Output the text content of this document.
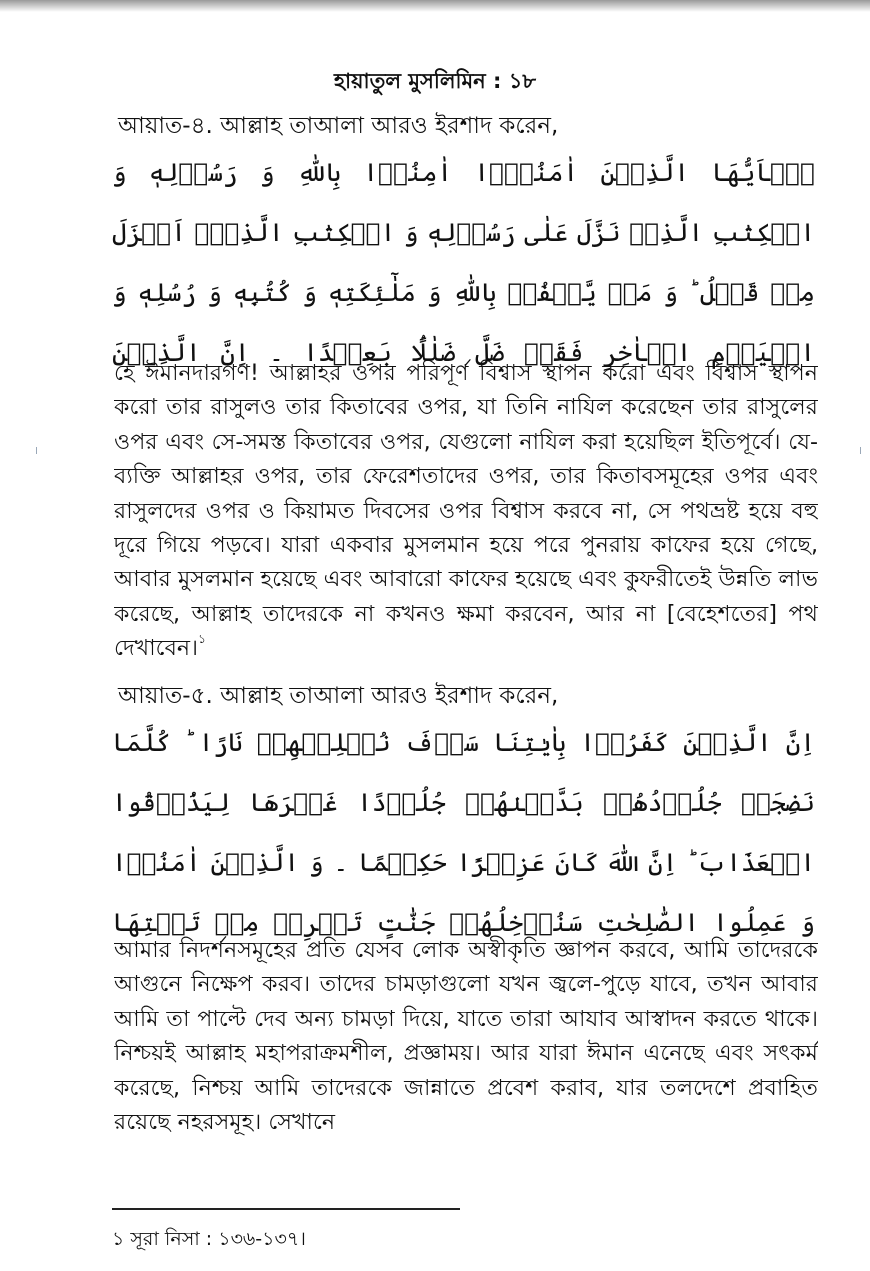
হায়াতুল মুসলিমিন : ১৮
আয়াত-৪. আল্লাহ তাআলা আরও ইরশাদ করেন,
يٰۤاَيُّهَا الَّذِيۡنَ اٰمَنُوۡۤا اٰمِنُوۡا بِاللّٰهِ وَ رَسُوۡلِهٖ وَ الۡكِتٰبِ الَّذِىۡ نَزَّلَ عَلٰى رَسُوۡلِهٖ وَ الۡكِتٰبِ الَّذِىۡۤ اَنۡزَلَ مِنۡ قَبۡلُ ؕ وَ مَنۡ يَّكۡفُرۡ بِاللّٰهِ وَ مَلٰٓئِكَتِهٖ وَ كُتُبِهٖ وَ رُسُلِهٖ وَ الۡيَوۡمِ الۡاٰخِرِ فَقَدۡ ضَلَّ ضَلٰلًۢا بَعِيۡدًا ۔ اِنَّ الَّذِيۡنَ
হে ঈমানদারগণ! আল্লাহর ওপর পরিপূর্ণ বিশ্বাস স্থাপন করো এবং বিশ্বাস স্থাপন করো তার রাসুলও তার কিতাবের ওপর, যা তিনি নাযিল করেছেন তার রাসুলের ওপর এবং সে-সমস্ত কিতাবের ওপর, যেগুলো নাযিল করা হয়েছিল ইতিপূর্বে। যে-ব্যক্তি আল্লাহর ওপর, তার ফেরেশতাদের ওপর, তার কিতাবসমূহের ওপর এবং রাসুলদের ওপর ও কিয়ামত দিবসের ওপর বিশ্বাস করবে না, সে পথভ্রষ্ট হয়ে বহু দূরে গিয়ে পড়বে। যারা একবার মুসলমান হয়ে পরে পুনরায় কাফের হয়ে গেছে, আবার মুসলমান হয়েছে এবং আবারো কাফের হয়েছে এবং কুফরীতেই উন্নতি লাভ করেছে, আল্লাহ তাদেরকে না কখনও ক্ষমা করবেন, আর না [বেহেশতের] পথ দেখাবেন।$^১$
আয়াত-৫. আল্লাহ তাআলা আরও ইরশাদ করেন,
اِنَّ الَّذِيۡنَ كَفَرُوۡا بِاٰيٰتِنَا سَوۡفَ نُصۡلِيۡهِمۡ نَارًا ؕ كُلَّمَا نَضِجَتۡ جُلُوۡدُهُمۡ بَدَّلۡنٰهُمۡ جُلُوۡدًا غَيۡرَهَا لِيَذُوۡقُوا الۡعَذَابَ ؕ اِنَّ اللّٰهَ كَانَ عَزِيۡزًا حَكِيۡمًا ۔ وَ الَّذِيۡنَ اٰمَنُوۡا وَ عَمِلُوا الصّٰلِحٰتِ سَنُدۡخِلُهُمۡ جَنّٰتٍ تَجۡرِىۡ مِنۡ تَحۡتِهَا
আমার নিদর্শনসমূহের প্রতি যেসব লোক অস্বীকৃতি জ্ঞাপন করবে, আমি তাদেরকে আগুনে নিক্ষেপ করব। তাদের চামড়াগুলো যখন জ্বলে-পুড়ে যাবে, তখন আবার আমি তা পাল্টে দেব অন্য চামড়া দিয়ে, যাতে তারা আযাব আস্বাদন করতে থাকে। নিশ্চয়ই আল্লাহ মহাপরাক্রমশীল, প্রজ্ঞাময়। আর যারা ঈমান এনেছে এবং সৎকর্ম করেছে, নিশ্চয় আমি তাদেরকে জান্নাতে প্রবেশ করাব, যার তলদেশে প্রবাহিত রয়েছে নহরসমূহ। সেখানে
১ সূরা নিসা : ১৩৬-১৩৭।
